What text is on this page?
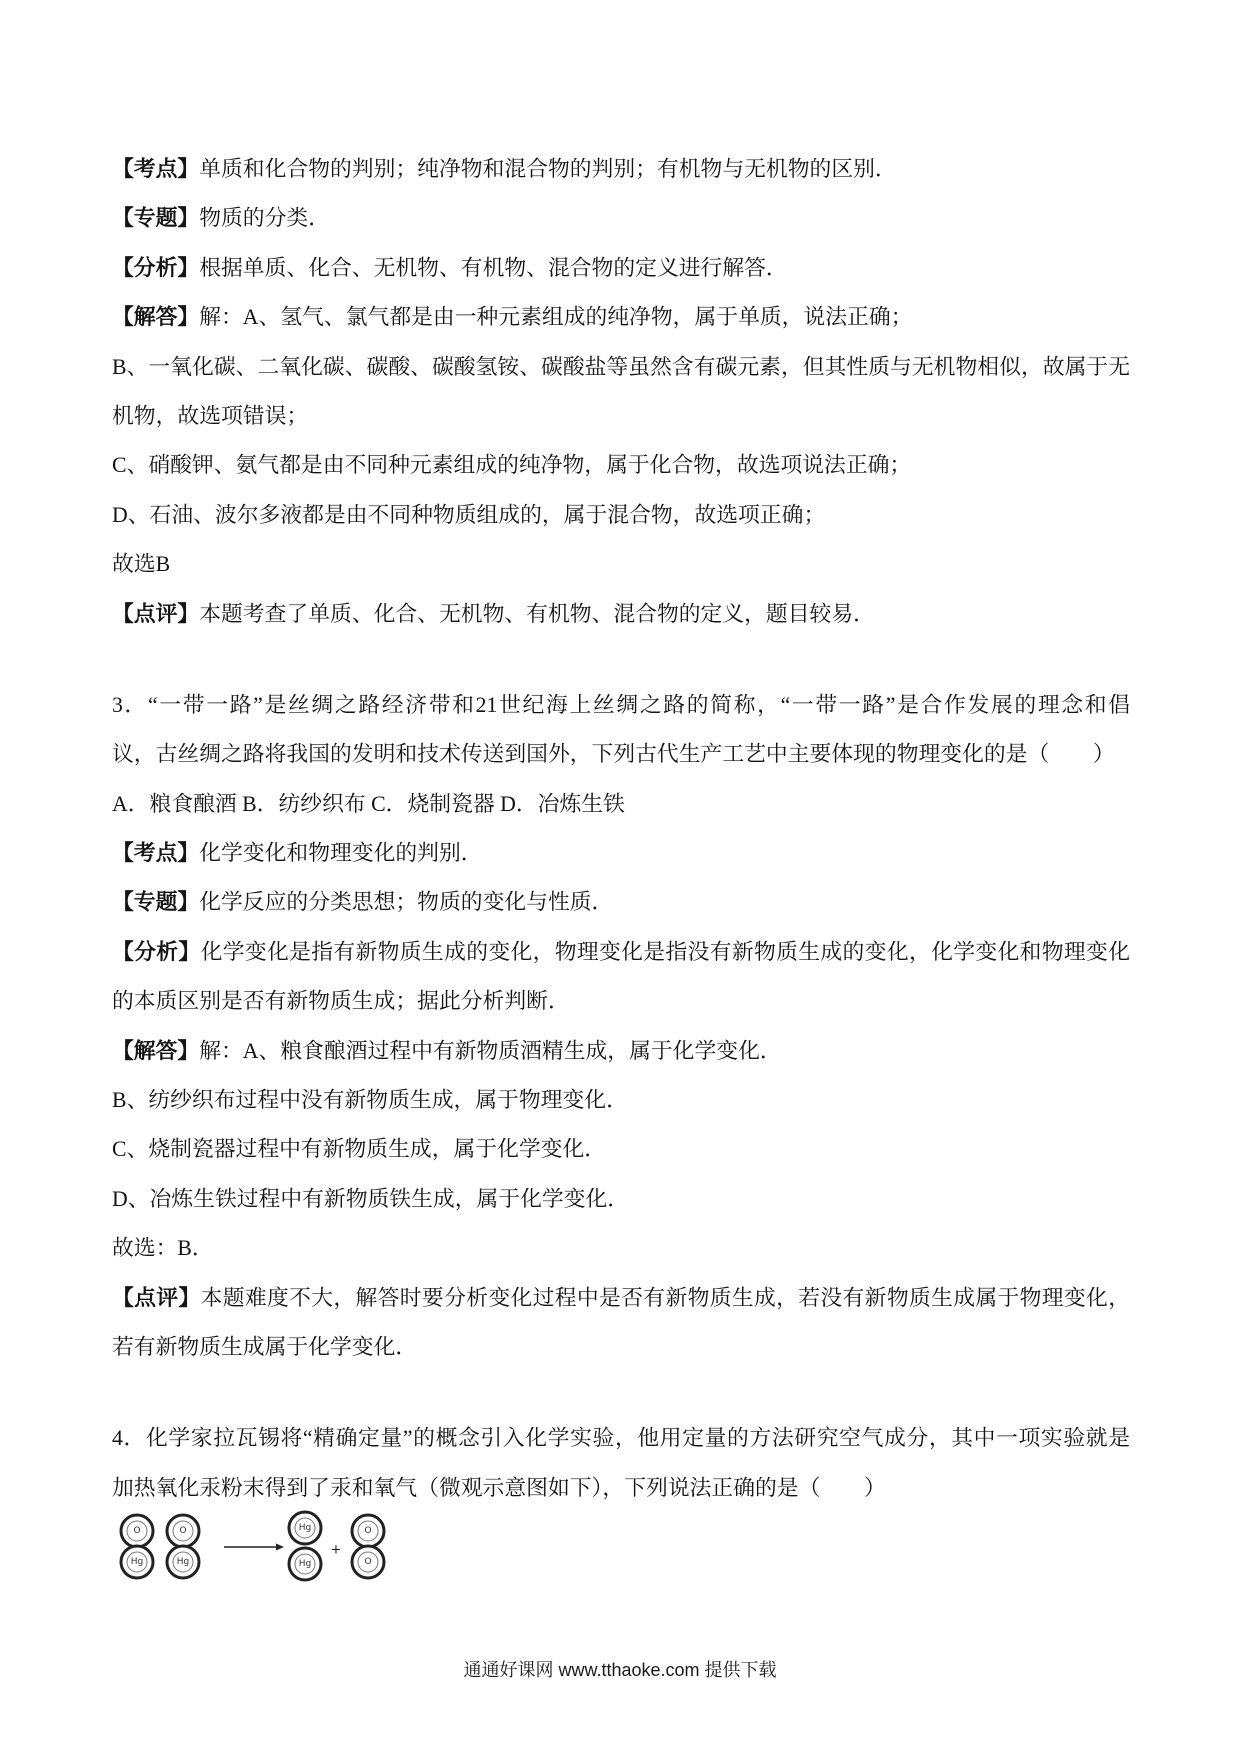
【考点】单质和化合物的判别；纯净物和混合物的判别；有机物与无机物的区别．
【专题】物质的分类．
【分析】根据单质、化合、无机物、有机物、混合物的定义进行解答．
【解答】解：A、氢气、氯气都是由一种元素组成的纯净物，属于单质，说法正确；
B、一氧化碳、二氧化碳、碳酸、碳酸氢铵、碳酸盐等虽然含有碳元素，但其性质与无机物相似，故属于无
机物，故选项错误；
C、硝酸钾、氨气都是由不同种元素组成的纯净物，属于化合物，故选项说法正确；
D、石油、波尔多液都是由不同种物质组成的，属于混合物，故选项正确；
故选B
【点评】本题考查了单质、化合、无机物、有机物、混合物的定义，题目较易．
3．“一带一路”是丝绸之路经济带和21世纪海上丝绸之路的简称，“一带一路”是合作发展的理念和倡
议，古丝绸之路将我国的发明和技术传送到国外，下列古代生产工艺中主要体现的物理变化的是（　　）
A．粮食酿酒 B．纺纱织布 C．烧制瓷器 D．冶炼生铁
【考点】化学变化和物理变化的判别．
【专题】化学反应的分类思想；物质的变化与性质．
【分析】化学变化是指有新物质生成的变化，物理变化是指没有新物质生成的变化，化学变化和物理变化
的本质区别是否有新物质生成；据此分析判断．
【解答】解：A、粮食酿酒过程中有新物质酒精生成，属于化学变化．
B、纺纱织布过程中没有新物质生成，属于物理变化．
C、烧制瓷器过程中有新物质生成，属于化学变化．
D、冶炼生铁过程中有新物质铁生成，属于化学变化．
故选：B．
【点评】本题难度不大，解答时要分析变化过程中是否有新物质生成，若没有新物质生成属于物理变化，
若有新物质生成属于化学变化．
4．化学家拉瓦锡将“精确定量”的概念引入化学实验，他用定量的方法研究空气成分，其中一项实验就是
加热氧化汞粉末得到了汞和氧气（微观示意图如下），下列说法正确的是（　　）
O
Hg
O
Hg
Hg
Hg
+
O
O
通通好课网 www.tthaoke.com 提供下载
